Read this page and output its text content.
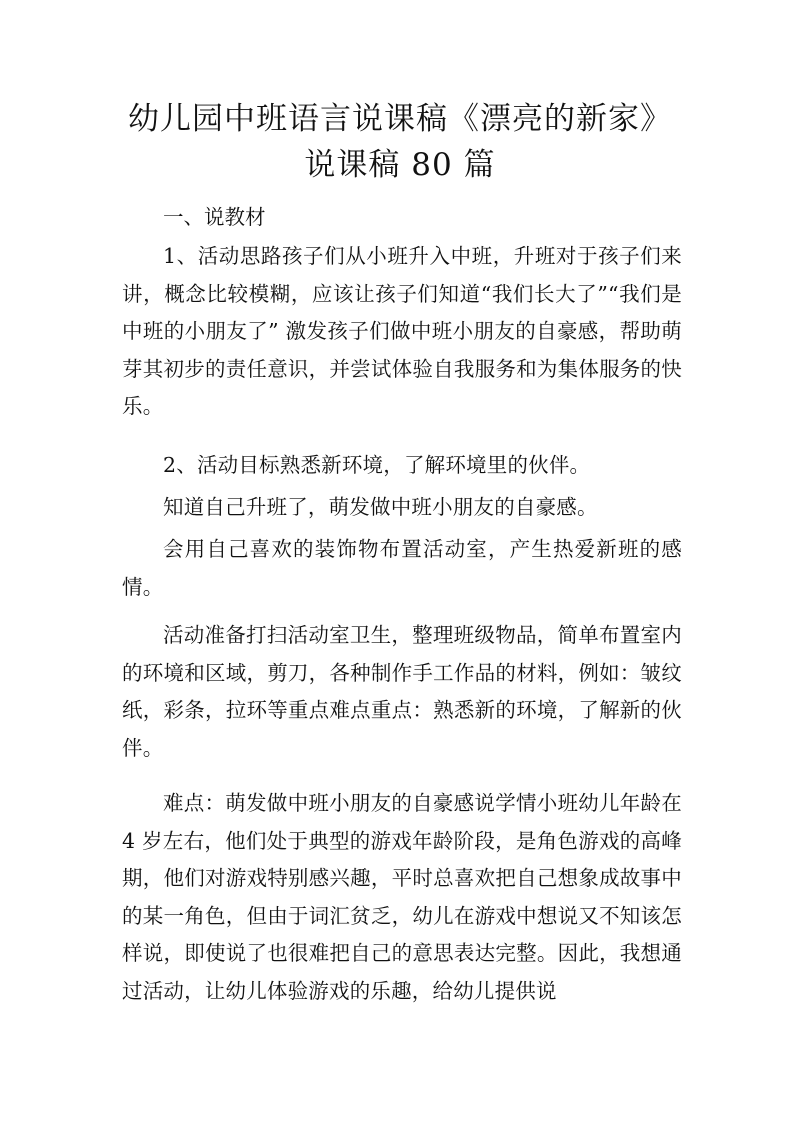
幼儿园中班语言说课稿《漂亮的新家》
说课稿 80 篇
一、说教材
1、活动思路孩子们从小班升入中班，升班对于孩子们来讲，概念比较模糊，应该让孩子们知道“我们长大了”“我们是中班的小朋友了” 激发孩子们做中班小朋友的自豪感，帮助萌芽其初步的责任意识，并尝试体验自我服务和为集体服务的快乐。
2、活动目标熟悉新环境，了解环境里的伙伴。
知道自己升班了，萌发做中班小朋友的自豪感。
会用自己喜欢的装饰物布置活动室，产生热爱新班的感情。
活动准备打扫活动室卫生，整理班级物品，简单布置室内的环境和区域，剪刀，各种制作手工作品的材料，例如：皱纹纸，彩条，拉环等重点难点重点：熟悉新的环境，了解新的伙伴。
难点：萌发做中班小朋友的自豪感说学情小班幼儿年龄在 4 岁左右，他们处于典型的游戏年龄阶段，是角色游戏的高峰期，他们对游戏特别感兴趣，平时总喜欢把自己想象成故事中的某一角色，但由于词汇贫乏，幼儿在游戏中想说又不知该怎样说，即使说了也很难把自己的意思表达完整。因此，我想通过活动，让幼儿体验游戏的乐趣，给幼儿提供说
